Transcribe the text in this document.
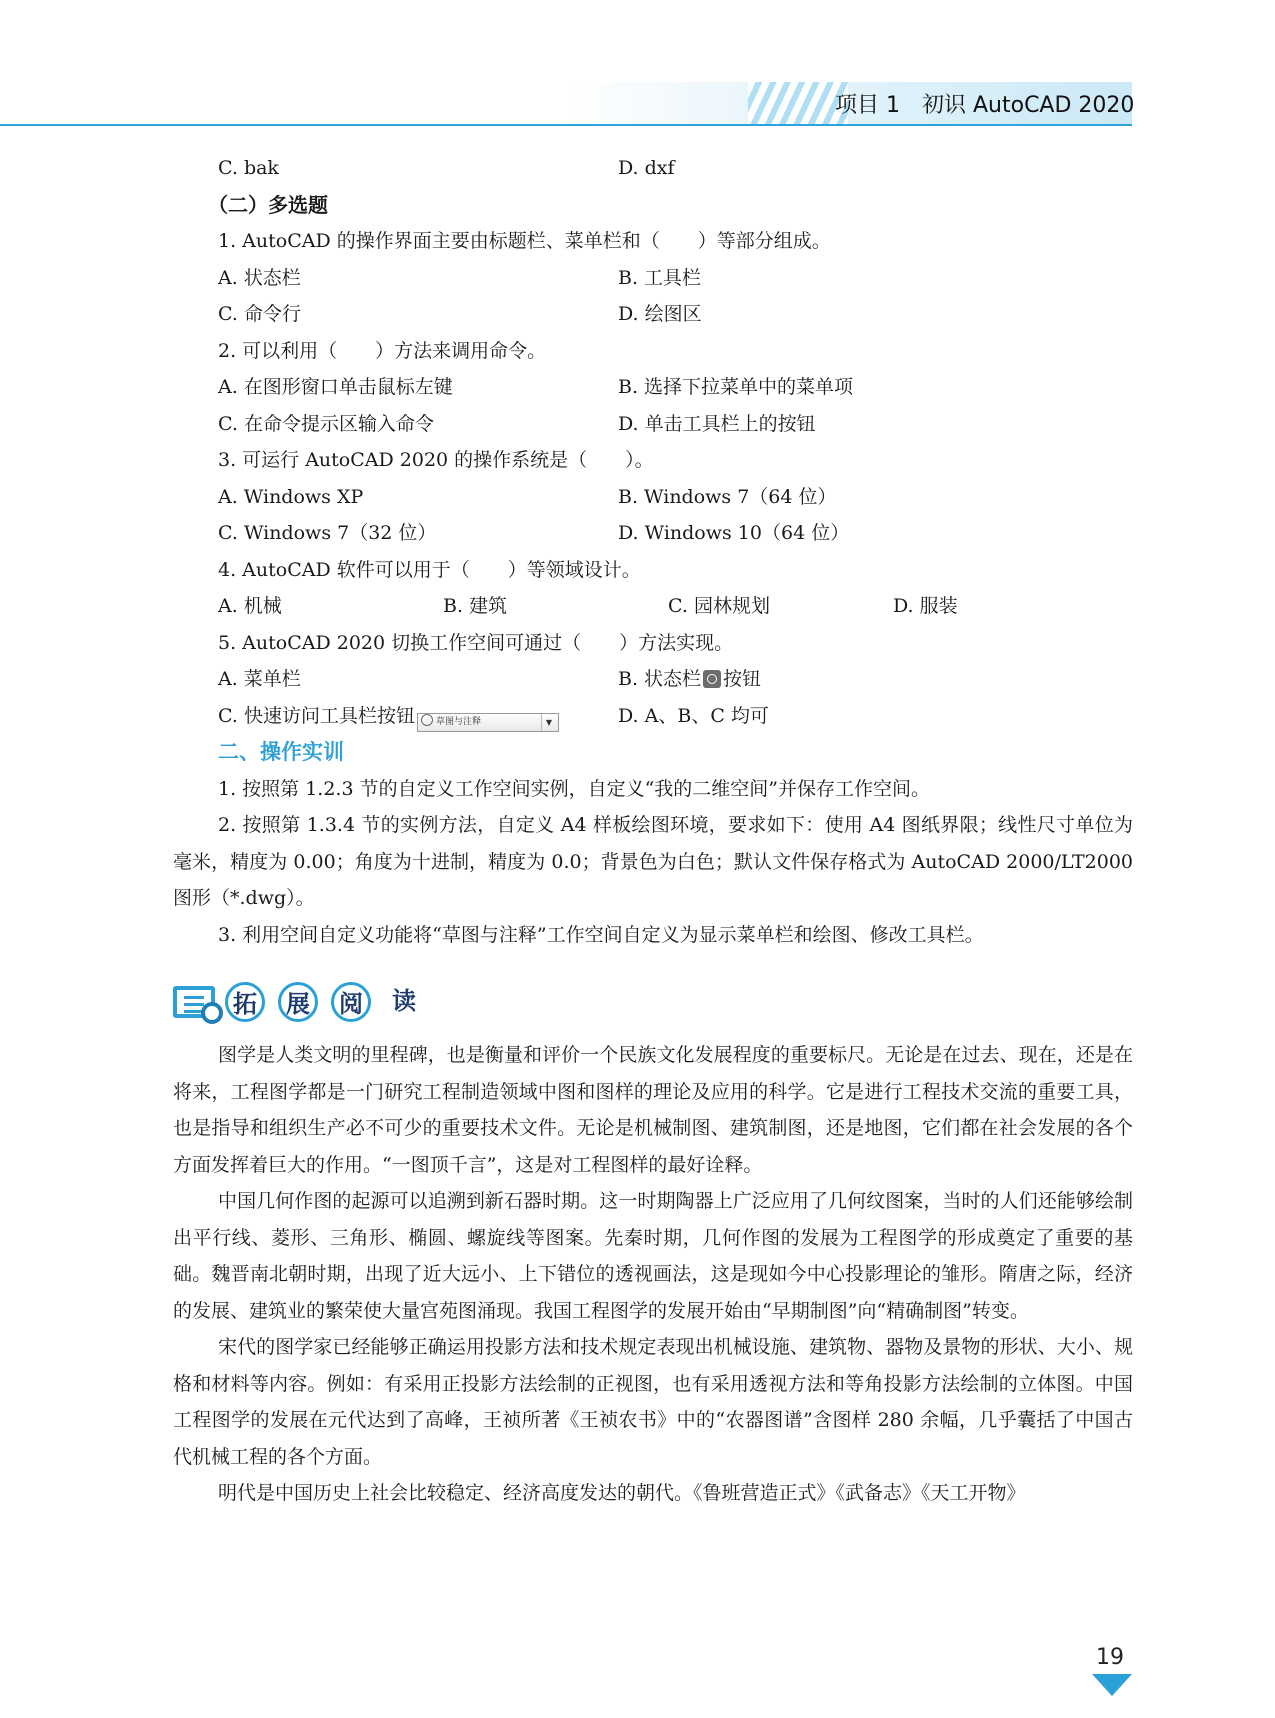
项目 1　初识 AutoCAD 2020
C. bak	D. dxf
（二）多选题
1. AutoCAD 的操作界面主要由标题栏、菜单栏和（　　）等部分组成。
A. 状态栏	B. 工具栏
C. 命令行	D. 绘图区
2. 可以利用（　　）方法来调用命令。
A. 在图形窗口单击鼠标左键	B. 选择下拉菜单中的菜单项
C. 在命令提示区输入命令	D. 单击工具栏上的按钮
3. 可运行 AutoCAD 2020 的操作系统是（　　）。
A. Windows XP	B. Windows 7（64 位）
C. Windows 7（32 位）	D. Windows 10（64 位）
4. AutoCAD 软件可以用于（　　）等领域设计。
A. 机械	B. 建筑	C. 园林规划	D. 服装
5. AutoCAD 2020 切换工作空间可通过（　　）方法实现。
A. 菜单栏	B. 状态栏 按钮
C. 快速访问工具栏按钮 草图与注释	▼	D. A、B、C 均可
二、操作实训
1. 按照第 1.2.3 节的自定义工作空间实例，自定义“我的二维空间”并保存工作空间。
2. 按照第 1.3.4 节的实例方法，自定义 A4 样板绘图环境，要求如下：使用 A4 图纸界限；线性尺寸单位为毫米，精度为 0.00；角度为十进制，精度为 0.0；背景色为白色；默认文件保存格式为 AutoCAD 2000/LT2000 图形（*.dwg）。
3. 利用空间自定义功能将“草图与注释”工作空间自定义为显示菜单栏和绘图、修改工具栏。
拓	展	阅	读
图学是人类文明的里程碑，也是衡量和评价一个民族文化发展程度的重要标尺。无论是在过去、现在，还是在将来，工程图学都是一门研究工程制造领域中图和图样的理论及应用的科学。它是进行工程技术交流的重要工具，也是指导和组织生产必不可少的重要技术文件。无论是机械制图、建筑制图，还是地图，它们都在社会发展的各个方面发挥着巨大的作用。“一图顶千言”，这是对工程图样的最好诠释。
中国几何作图的起源可以追溯到新石器时期。这一时期陶器上广泛应用了几何纹图案，当时的人们还能够绘制出平行线、菱形、三角形、椭圆、螺旋线等图案。先秦时期，几何作图的发展为工程图学的形成奠定了重要的基础。魏晋南北朝时期，出现了近大远小、上下错位的透视画法，这是现如今中心投影理论的雏形。隋唐之际，经济的发展、建筑业的繁荣使大量宫苑图涌现。我国工程图学的发展开始由“早期制图”向“精确制图”转变。
宋代的图学家已经能够正确运用投影方法和技术规定表现出机械设施、建筑物、器物及景物的形状、大小、规格和材料等内容。例如：有采用正投影方法绘制的正视图，也有采用透视方法和等角投影方法绘制的立体图。中国工程图学的发展在元代达到了高峰，王祯所著《王祯农书》中的“农器图谱”含图样 280 余幅，几乎囊括了中国古代机械工程的各个方面。
明代是中国历史上社会比较稳定、经济高度发达的朝代。《鲁班营造正式》《武备志》《天工开物》
19
